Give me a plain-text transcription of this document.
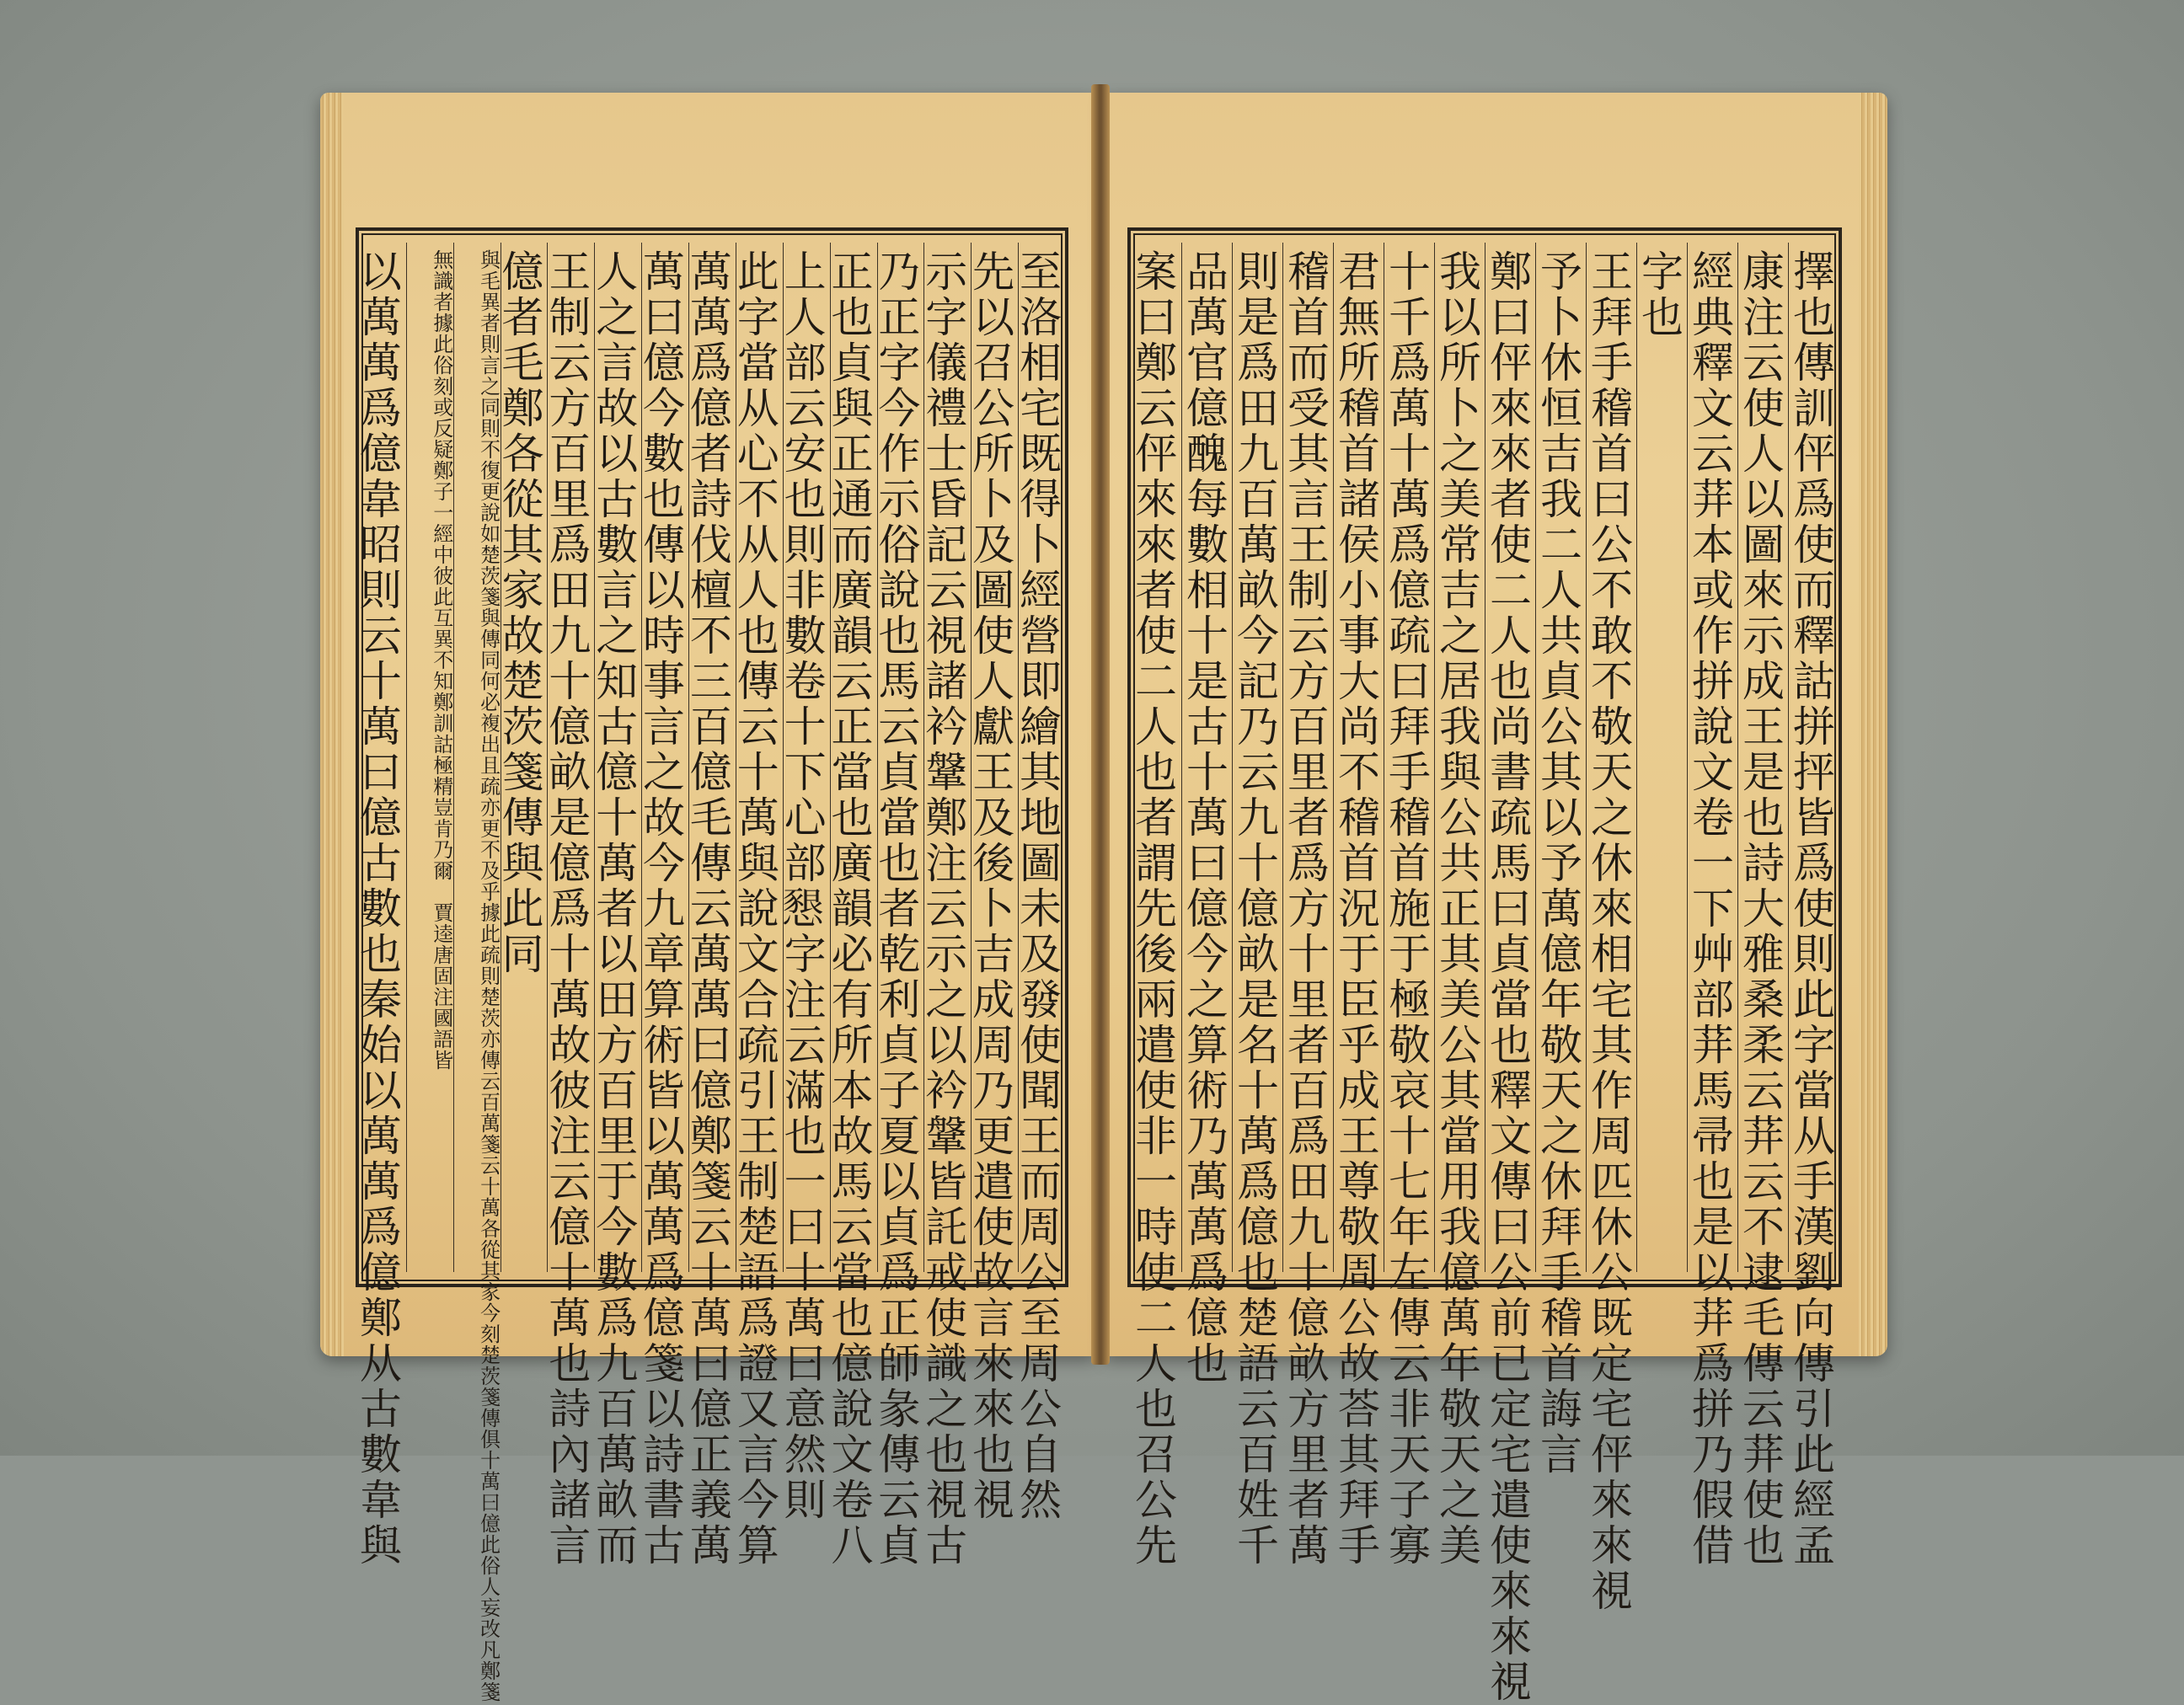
以萬萬爲億韋昭則云十萬曰億古數也秦始以萬萬爲億鄭从古數韋與	無識者據此俗刻或反疑鄭子一經中彼此互異不知鄭訓詁極精豈肯乃爾　賈逵唐固注國語皆	與毛異者則言之同則不復更說如楚茨箋與傳同何必複出且疏亦更不及乎據此疏則楚茨亦傳云百萬箋云十萬各從其家今刻楚茨箋傳俱十萬曰億此俗人妄改凡鄭箋
億者毛鄭各從其家故楚茨箋傳與此同
王制云方百里爲田九十億畝是億爲十萬故彼注云億十萬也詩內諸言
人之言故以古數言之知古億十萬者以田方百里于今數爲九百萬畝而
萬曰億今數也傳以時事言之故今九章算術皆以萬萬爲億箋以詩書古
萬萬爲億者詩伐檀不三百億毛傳云萬萬曰億鄭箋云十萬曰億正義萬
此字當从心不从人也傳云十萬與說文合疏引王制楚語爲證又言今算
上人部云安也則非數卷十下心部𢡆字注云滿也一曰十萬曰意然則
正也貞與正通而廣韻云正當也廣韻必有所本故馬云當也億說文卷八
乃正字今作示俗說也馬云貞當也者乾利貞子夏以貞爲正師彖傳云貞
示字儀禮士昏記云視諸衿鞶鄭注云示之以衿鞶皆託戒使識之也視古
先以召公所卜及圖使人獻王及後卜吉成周乃更遣使故言來來也視
至洛相宅既得卜經營即繪其地圖未及發使聞王而周公至周公自然	擇也傳訓伻爲使而釋詁拼抨皆爲使則此字當从手漢劉向傳引此經孟
康注云使人以圖來示成王是也詩大雅桑柔云荓云不逮毛傳云荓使也
經典釋文云荓本或作拼說文卷一下艸部荓馬帚也是以荓爲拼乃假借
字也
王拜手稽首曰公不敢不敬天之休來相宅其作周匹休公既定宅伻來來視
予卜休恒吉我二人共貞公其以予萬億年敬天之休拜手稽首誨言
鄭曰伻來來者使二人也尚書疏馬曰貞當也釋文傳曰公前已定宅遣使來來視
我以所卜之美常吉之居我與公共正其美公其當用我億萬年敬天之美
十千爲萬十萬爲億疏曰拜手稽首施于極敬哀十七年左傳云非天子寡
君無所稽首諸侯小事大尚不稽首況于臣乎成王尊敬周公故荅其拜手
稽首而受其言王制云方百里者爲方十里者百爲田九十億畝方里者萬
則是爲田九百萬畝今記乃云九十億畝是名十萬爲億也楚語云百姓千
品萬官億醜每數相十是古十萬曰億今之算術乃萬萬爲億也
案曰鄭云伻來來者使二人也者謂先後兩遣使非一時使二人也召公先
